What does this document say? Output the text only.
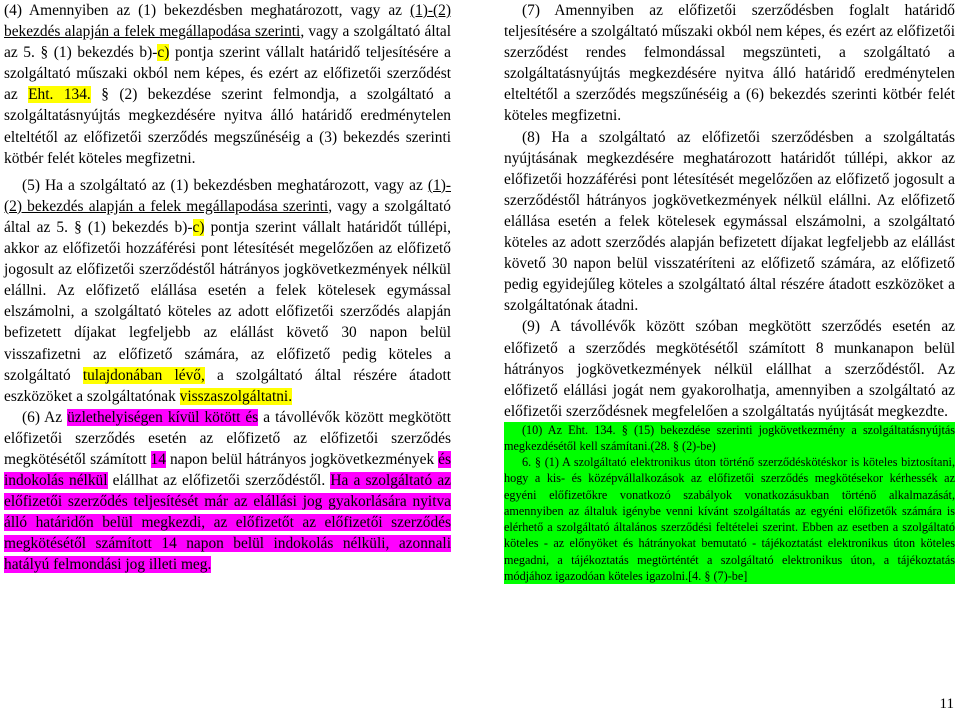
(4) Amennyiben az (1) bekezdésben meghatározott, vagy az (1)-(2) bekezdés alapján a felek megállapodása szerinti, vagy a szolgáltató által az 5. § (1) bekezdés b)-c) pontja szerint vállalt határidő teljesítésére a szolgáltató műszaki okból nem képes, és ezért az előfizetői szerződést az Eht. 134. § (2) bekezdése szerint felmondja, a szolgáltató a szolgáltatásnyújtás megkezdésére nyitva álló határidő eredménytelen elteltétől az előfizetői szerződés megszűnéséig a (3) bekezdés szerinti kötbér felét köteles megfizetni.

(5) Ha a szolgáltató az (1) bekezdésben meghatározott, vagy az (1)-(2) bekezdés alapján a felek megállapodása szerinti, vagy a szolgáltató által az 5. § (1) bekezdés b)-c) pontja szerint vállalt határidőt túllépi, akkor az előfizetői hozzáférési pont létesítését megelőzően az előfizető jogosult az előfizetői szerződéstől hátrányos jogkövetkezmények nélkül elállni. Az előfizető elállása esetén a felek kötelesek egymással elszámolni, a szolgáltató köteles az adott előfizetői szerződés alapján befizetett díjakat legfeljebb az elállást követő 30 napon belül visszafizetni az előfizető számára, az előfizető pedig köteles a szolgáltató tulajdonában lévő, a szolgáltató által részére átadott eszközöket a szolgáltatónak visszaszolgáltatni.

(6) Az üzlethelyiségen kívül kötött és a távollévők között megkötött előfizetői szerződés esetén az előfizető az előfizetői szerződés megkötésétől számított 14 napon belül hátrányos jogkövetkezmények és indokolás nélkül elállhat az előfizetői szerződéstől. Ha a szolgáltató az előfizetői szerződés teljesítését már az elállási jog gyakorlására nyitva álló határidőn belül megkezdi, az előfizetőt az előfizetői szerződés megkötésétől számított 14 napon belül indokolás nélküli, azonnali hatályú felmondási jog illeti meg.

(7) Amennyiben az előfizetői szerződésben foglalt határidő teljesítésére a szolgáltató műszaki okból nem képes, és ezért az előfizetői szerződést rendes felmondással megszünteti, a szolgáltató a szolgáltatásnyújtás megkezdésére nyitva álló határidő eredménytelen elteltétől a szerződés megszűnéséig a (6) bekezdés szerinti kötbér felét köteles megfizetni.

(8) Ha a szolgáltató az előfizetői szerződésben a szolgáltatás nyújtásának megkezdésére meghatározott határidőt túllépi, akkor az előfizetői hozzáférési pont létesítését megelőzően az előfizető jogosult a szerződéstől hátrányos jogkövetkezmények nélkül elállni. Az előfizető elállása esetén a felek kötelesek egymással elszámolni, a szolgáltató köteles az adott szerződés alapján befizetett díjakat legfeljebb az elállást követő 30 napon belül visszatéríteni az előfizető számára, az előfizető pedig egyidejűleg köteles a szolgáltató által részére átadott eszközöket a szolgáltatónak átadni.

(9) A távollévők között szóban megkötött szerződés esetén az előfizető a szerződés megkötésétől számított 8 munkanapon belül hátrányos jogkövetkezmények nélkül elállhat a szerződéstől. Az előfizető elállási jogát nem gyakorolhatja, amennyiben a szolgáltató az előfizetői szerződésnek megfelelően a szolgáltatás nyújtását megkezdte.

(10) Az Eht. 134. § (15) bekezdése szerinti jogkövetkezmény a szolgáltatásnyújtás megkezdésétől kell számítani.(28. § (2)-be)

6. § (1) A szolgáltató elektronikus úton történő szerződéskötéskor is köteles biztosítani, hogy a kis- és középvállalkozások az előfizetői szerződés megkötésekor kérhessék az egyéni előfizetőkre vonatkozó szabályok vonatkozásukban történő alkalmazását, amennyiben az általuk igénybe venni kívánt szolgáltatás az egyéni előfizetők számára is elérhető a szolgáltató általános szerződési feltételei szerint. Ebben az esetben a szolgáltató köteles - az előnyöket és hátrányokat bemutató - tájékoztatást elektronikus úton köteles megadni, a tájékoztatás megtörténtét a szolgáltató elektronikus úton, a tájékoztatás módjához igazodóan köteles igazolni.[4. § (7)-be]

11
